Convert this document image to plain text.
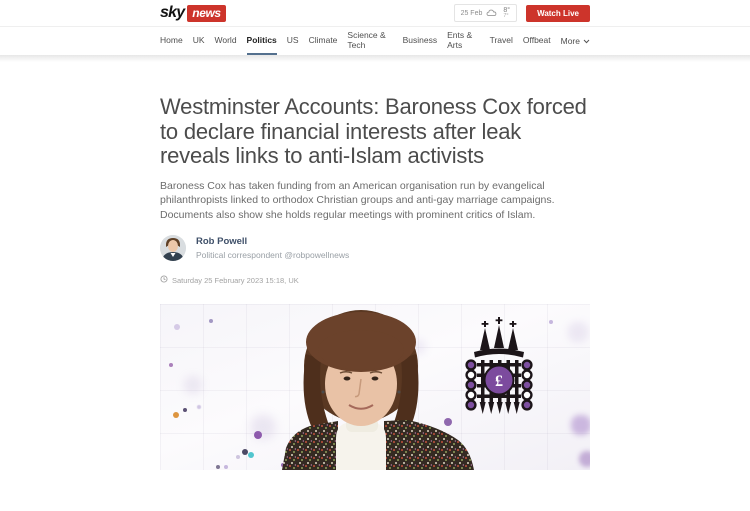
sky news	25 Feb	8°
7°	Watch Live
Home UK World Politics US Climate Science & Tech	Business Ents & Arts	Travel Offbeat More
Westminster Accounts: Baroness Cox forced to declare financial interests after leak reveals links to anti-Islam activists

Baroness Cox has taken funding from an American organisation run by evangelical philanthropists linked to orthodox Christian groups and anti-gay marriage campaigns. Documents also show she holds regular meetings with prominent critics of Islam.

Rob Powell
Political correspondent @robpowellnews
Saturday 25 February 2023 15:18, UK
£
